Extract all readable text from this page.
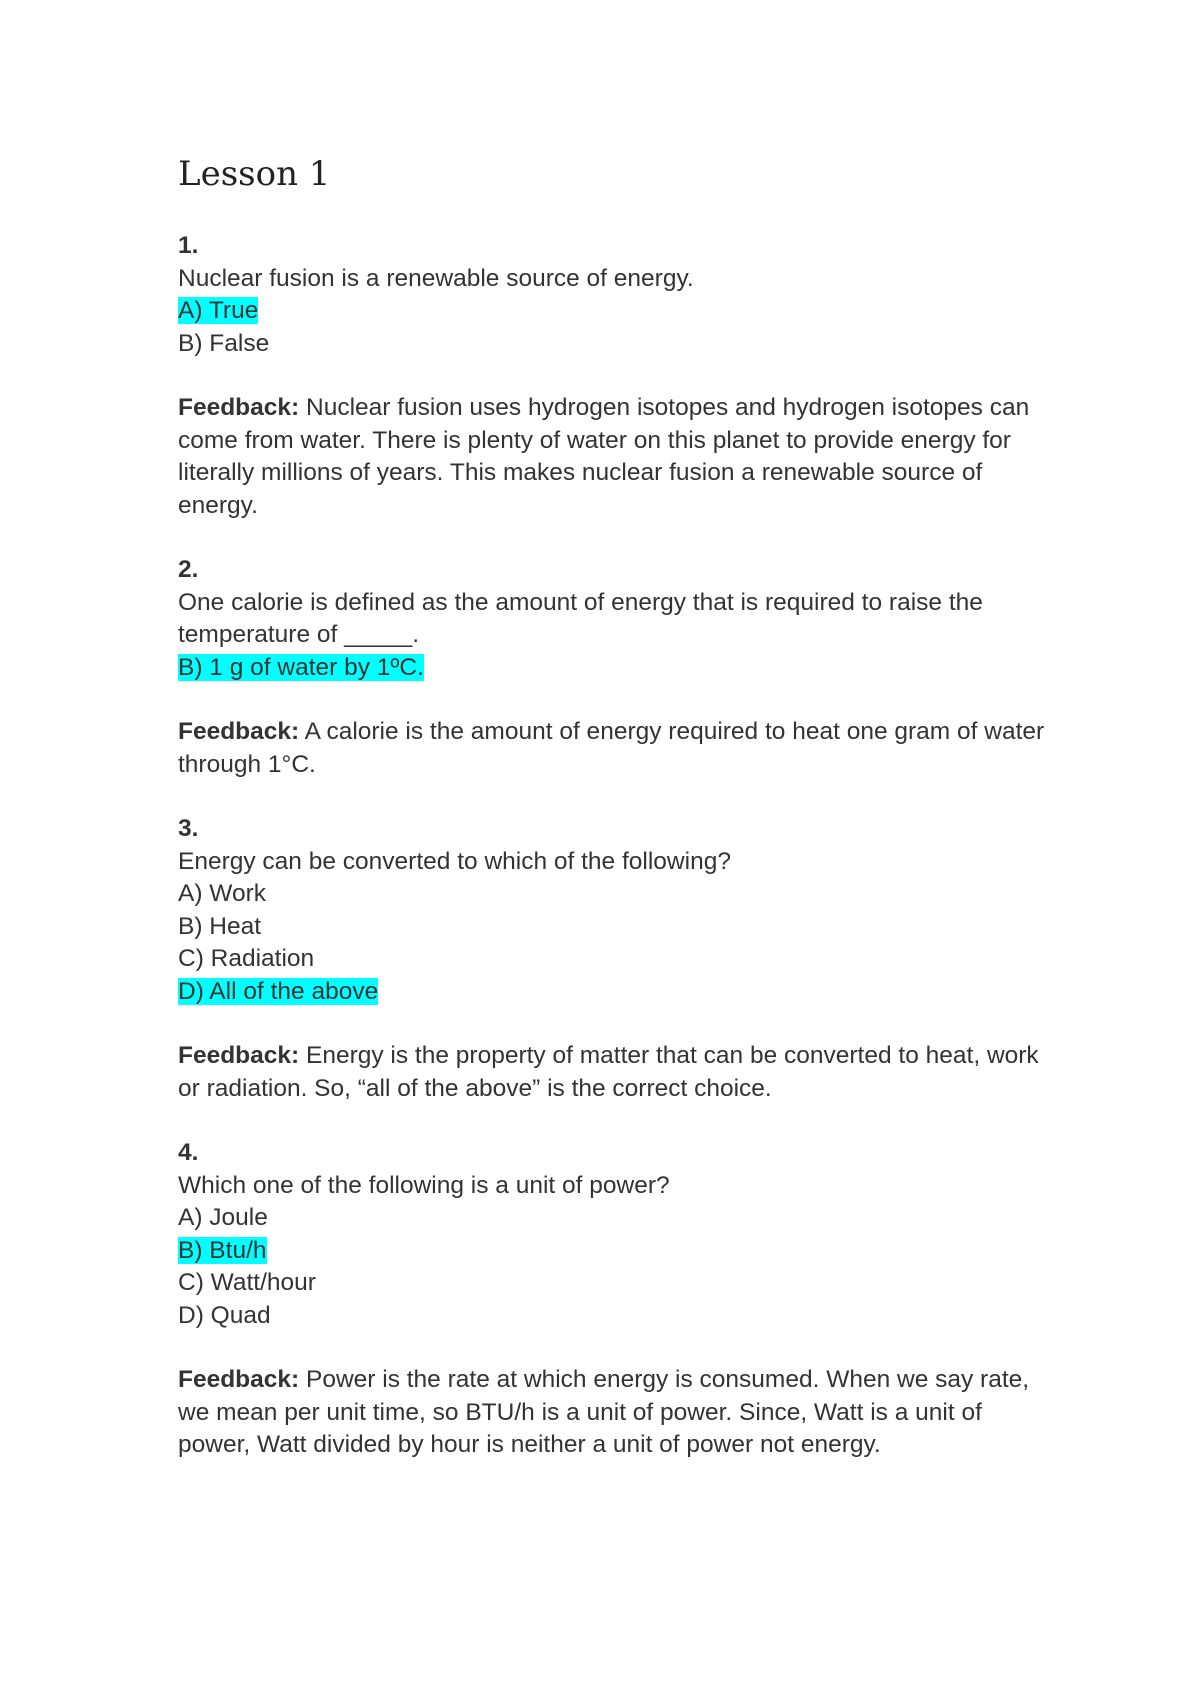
Lesson 1
1.
Nuclear fusion is a renewable source of energy.
A) True
B) False
Feedback: Nuclear fusion uses hydrogen isotopes and hydrogen isotopes can come from water. There is plenty of water on this planet to provide energy for literally millions of years. This makes nuclear fusion a renewable source of energy.
2.
One calorie is defined as the amount of energy that is required to raise the temperature of _____.
B) 1 g of water by 1ºC.
Feedback: A calorie is the amount of energy required to heat one gram of water through 1°C.
3.
Energy can be converted to which of the following?
A) Work
B) Heat
C) Radiation
D) All of the above
Feedback: Energy is the property of matter that can be converted to heat, work or radiation. So, “all of the above” is the correct choice.
4.
Which one of the following is a unit of power?
A) Joule
B) Btu/h
C) Watt/hour
D) Quad
Feedback: Power is the rate at which energy is consumed. When we say rate, we mean per unit time, so BTU/h is a unit of power. Since, Watt is a unit of power, Watt divided by hour is neither a unit of power not energy.
